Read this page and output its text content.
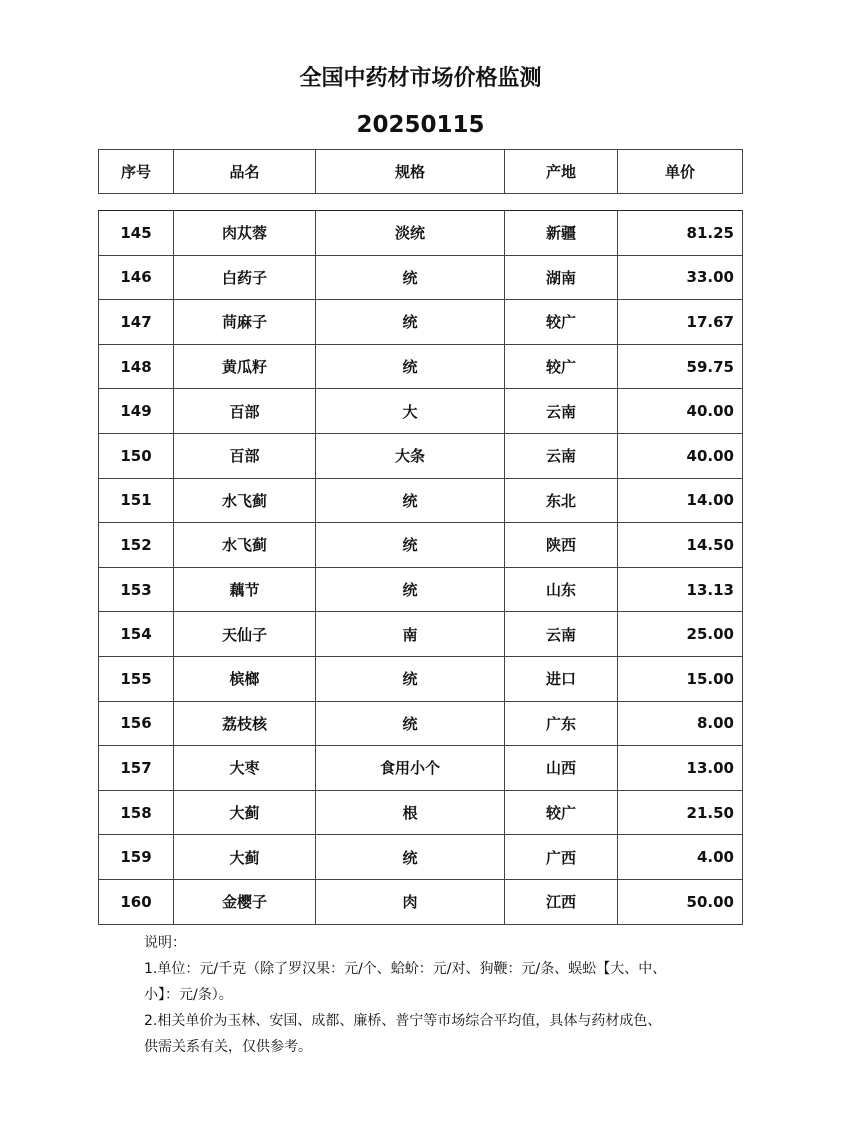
全国中药材市场价格监测
20250115
序号	品名	规格	产地	单价
145	肉苁蓉	淡统	新疆	81.25
146	白药子	统	湖南	33.00
147	苘麻子	统	较广	17.67
148	黄瓜籽	统	较广	59.75
149	百部	大	云南	40.00
150	百部	大条	云南	40.00
151	水飞蓟	统	东北	14.00
152	水飞蓟	统	陕西	14.50
153	藕节	统	山东	13.13
154	天仙子	南	云南	25.00
155	槟榔	统	进口	15.00
156	荔枝核	统	广东	8.00
157	大枣	食用小个	山西	13.00
158	大蓟	根	较广	21.50
159	大蓟	统	广西	4.00
160	金樱子	肉	江西	50.00

说明：

1.单位：元/千克（除了罗汉果：元/个、蛤蚧：元/对、狗鞭：元/条、蜈蚣【大、中、

小】：元/条）。

2.相关单价为玉林、安国、成都、廉桥、普宁等市场综合平均值，具体与药材成色、

供需关系有关，仅供参考。
